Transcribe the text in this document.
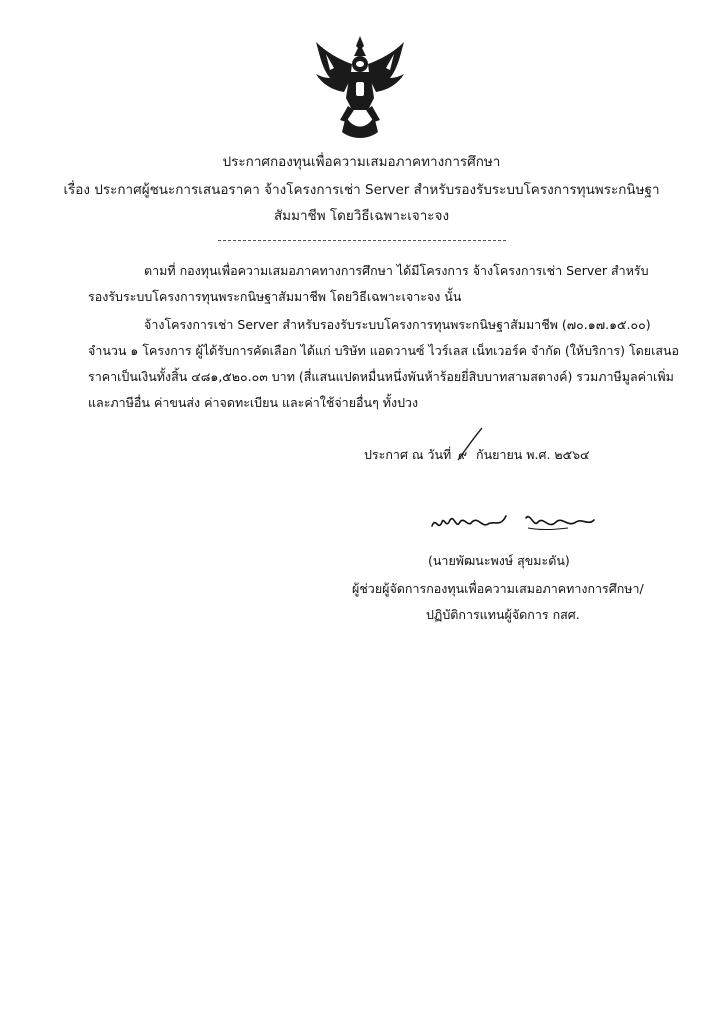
ประกาศกองทุนเพื่อความเสมอภาคทางการศึกษา
เรื่อง ประกาศผู้ชนะการเสนอราคา จ้างโครงการเช่า Server สำหรับรองรับระบบโครงการทุนพระกนิษฐา
สัมมาชีพ โดยวิธีเฉพาะเจาะจง
ตามที่ กองทุนเพื่อความเสมอภาคทางการศึกษา ได้มีโครงการ จ้างโครงการเช่า Server สำหรับ
รองรับระบบโครงการทุนพระกนิษฐาสัมมาชีพ โดยวิธีเฉพาะเจาะจง นั้น
จ้างโครงการเช่า Server สำหรับรองรับระบบโครงการทุนพระกนิษฐาสัมมาชีพ (๗๐.๑๗.๑๕.๐๐)
จำนวน ๑ โครงการ ผู้ได้รับการคัดเลือก ได้แก่ บริษัท แอดวานซ์ ไวร์เลส เน็ทเวอร์ค จำกัด (ให้บริการ) โดยเสนอ
ราคาเป็นเงินทั้งสิ้น ๔๘๑,๕๒๐.๐๓ บาท (สี่แสนแปดหมื่นหนึ่งพันห้าร้อยยี่สิบบาทสามสตางค์) รวมภาษีมูลค่าเพิ่ม
และภาษีอื่น ค่าขนส่ง ค่าจดทะเบียน และค่าใช้จ่ายอื่นๆ ทั้งปวง
ประกาศ ณ วันที่ ๙ กันยายน พ.ศ. ๒๕๖๔
(นายพัฒนะพงษ์ สุขมะดัน)
ผู้ช่วยผู้จัดการกองทุนเพื่อความเสมอภาคทางการศึกษา/
ปฏิบัติการแทนผู้จัดการ กสศ.
